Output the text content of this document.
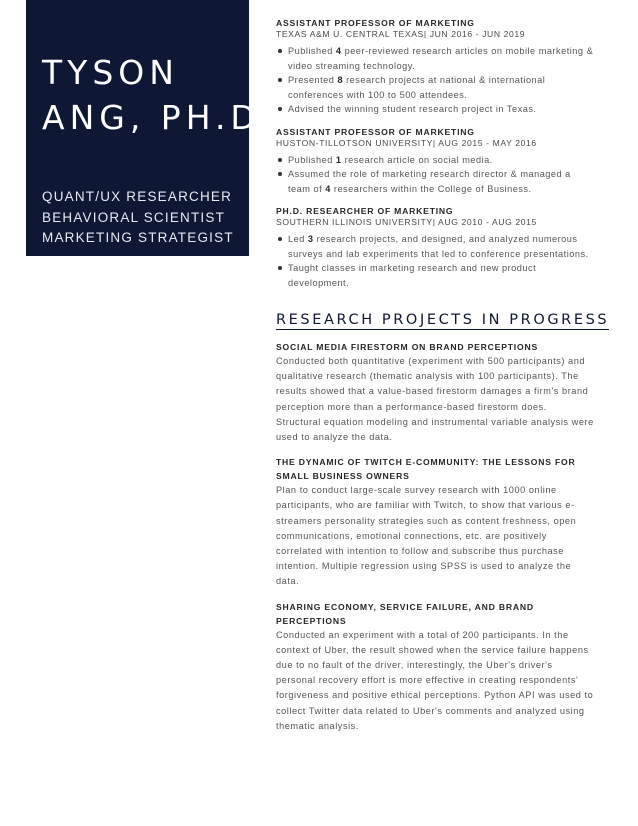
TYSON
ANG, PH.D.
QUANT/UX RESEARCHER
BEHAVIORAL SCIENTIST
MARKETING STRATEGIST
ASSISTANT PROFESSOR OF MARKETING
TEXAS A&M U. CENTRAL TEXAS| JUN 2016 - JUN 2019
Published 4 peer-reviewed research articles on mobile marketing & video streaming technology.
Presented 8 research projects at national & international conferences with 100 to 500 attendees.
Advised the winning student research project in Texas.
ASSISTANT PROFESSOR OF MARKETING
HUSTON-TILLOTSON UNIVERSITY| AUG 2015 - MAY 2016
Published 1 research article on social media.
Assumed the role of marketing research director & managed a team of 4 researchers within the College of Business.
PH.D. RESEARCHER OF MARKETING
SOUTHERN ILLINOIS UNIVERSITY| AUG 2010 - AUG 2015
Led 3 research projects, and designed, and analyzed numerous surveys and lab experiments that led to conference presentations.
Taught classes in marketing research and new product development.
RESEARCH PROJECTS IN PROGRESS
SOCIAL MEDIA FIRESTORM ON BRAND PERCEPTIONS

Conducted both quantitative (experiment with 500 participants) and qualitative research (thematic analysis with 100 participants). The results showed that a value-based firestorm damages a firm's brand perception more than a performance-based firestorm does. Structural equation modeling and instrumental variable analysis were used to analyze the data.

THE DYNAMIC OF TWITCH E-COMMUNITY: THE LESSONS FOR SMALL BUSINESS OWNERS

Plan to conduct large-scale survey research with 1000 online participants, who are familiar with Twitch, to show that various e-streamers personality strategies such as content freshness, open communications, emotional connections, etc. are positively correlated with intention to follow and subscribe thus purchase intention. Multiple regression using SPSS is used to analyze the data.

SHARING ECONOMY, SERVICE FAILURE, AND BRAND PERCEPTIONS

Conducted an experiment with a total of 200 participants. In the context of Uber, the result showed when the service failure happens due to no fault of the driver, interestingly, the Uber's driver's personal recovery effort is more effective in creating respondents' forgiveness and positive ethical perceptions. Python API was used to collect Twitter data related to Uber's comments and analyzed using thematic analysis.
